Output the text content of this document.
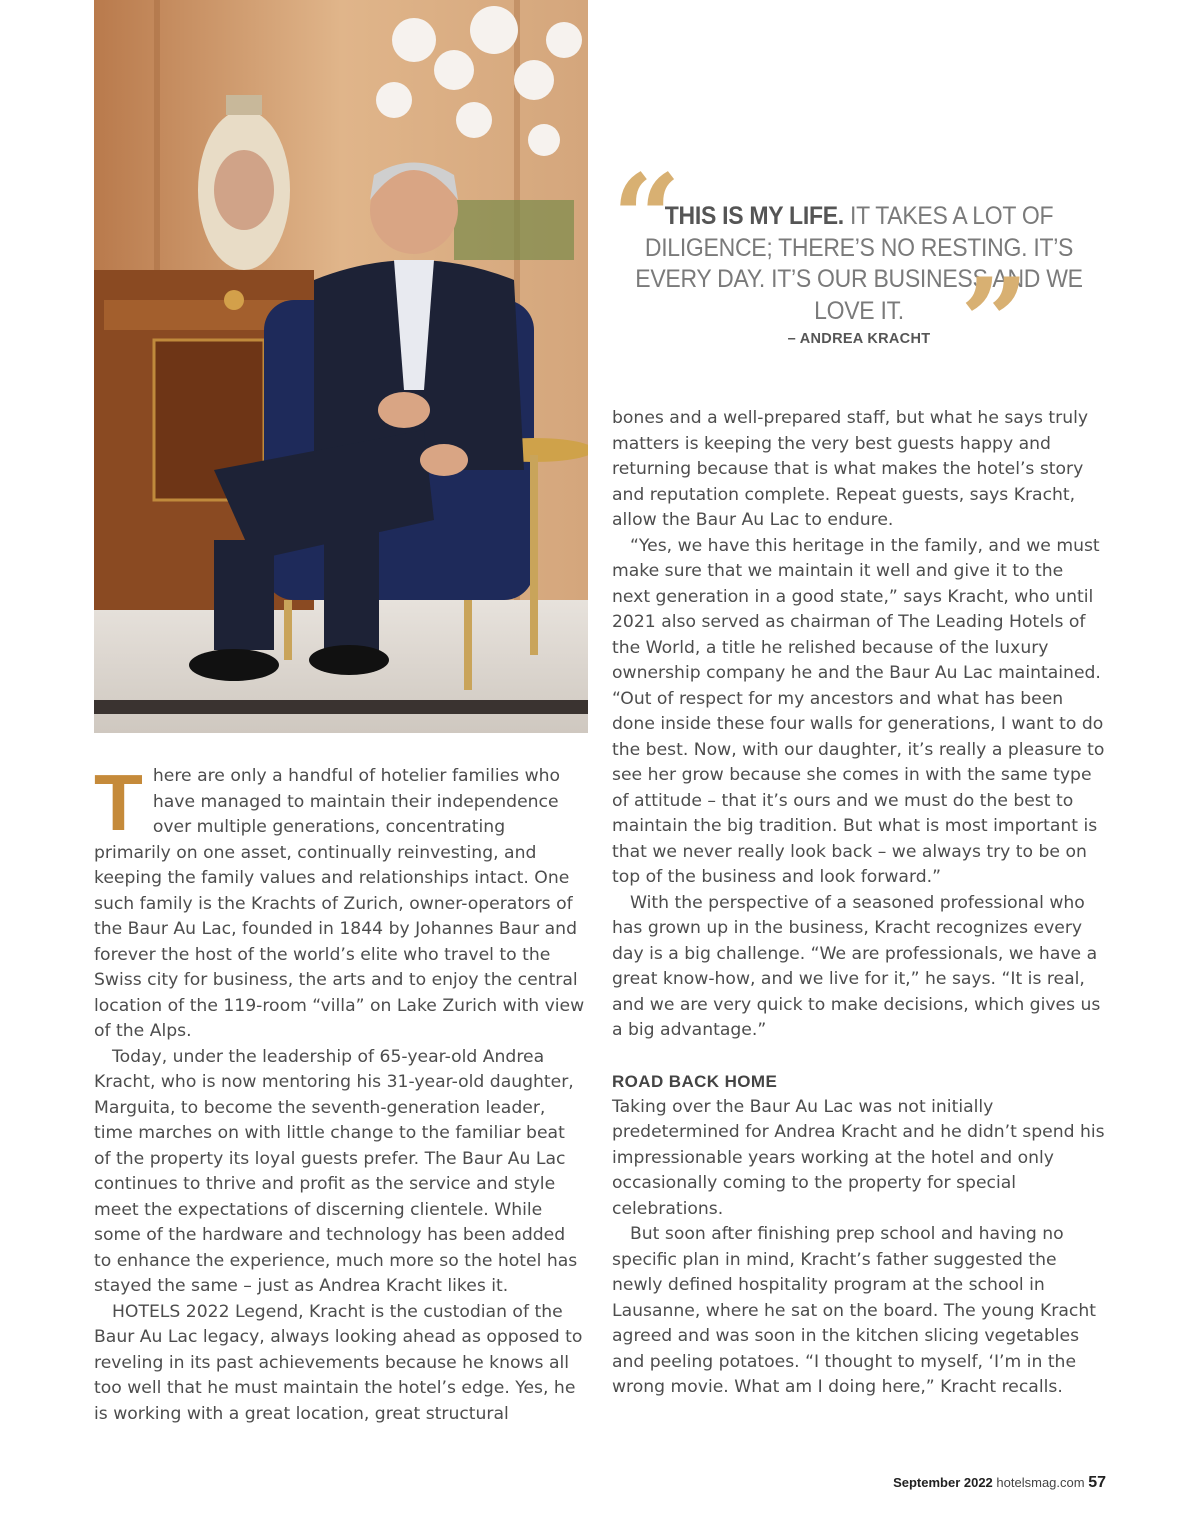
“
THIS IS MY LIFE. IT TAKES A LOT OF DILIGENCE; THERE’S NO RESTING. IT’S EVERY DAY. IT’S OUR BUSINESS AND WE LOVE IT. ”
– ANDREA KRACHT

There are only a handful of hotelier families who have managed to maintain their independence over multiple generations, concentrating primarily on one asset, continually reinvesting, and keeping the family values and relationships intact. One such family is the Krachts of Zurich, owner-operators of the Baur Au Lac, founded in 1844 by Johannes Baur and forever the host of the world’s elite who travel to the Swiss city for business, the arts and to enjoy the central location of the 119-room “villa” on Lake Zurich with view of the Alps.

Today, under the leadership of 65-year-old Andrea Kracht, who is now mentoring his 31-year-old daughter, Marguita, to become the seventh-generation leader, time marches on with little change to the familiar beat of the property its loyal guests prefer. The Baur Au Lac continues to thrive and profit as the service and style meet the expectations of discerning clientele. While some of the hardware and technology has been added to enhance the experience, much more so the hotel has stayed the same – just as Andrea Kracht likes it.

HOTELS 2022 Legend, Kracht is the custodian of the Baur Au Lac legacy, always looking ahead as opposed to reveling in its past achievements because he knows all too well that he must maintain the hotel’s edge. Yes, he is working with a great location, great structural

bones and a well-prepared staff, but what he says truly matters is keeping the very best guests happy and returning because that is what makes the hotel’s story and reputation complete. Repeat guests, says Kracht, allow the Baur Au Lac to endure.

“Yes, we have this heritage in the family, and we must make sure that we maintain it well and give it to the next generation in a good state,” says Kracht, who until 2021 also served as chairman of The Leading Hotels of the World, a title he relished because of the luxury ownership company he and the Baur Au Lac maintained. “Out of respect for my ancestors and what has been done inside these four walls for generations, I want to do the best. Now, with our daughter, it’s really a pleasure to see her grow because she comes in with the same type of attitude – that it’s ours and we must do the best to maintain the big tradition. But what is most important is that we never really look back – we always try to be on top of the business and look forward.”

With the perspective of a seasoned professional who has grown up in the business, Kracht recognizes every day is a big challenge. “We are professionals, we have a great know-how, and we live for it,” he says. “It is real, and we are very quick to make decisions, which gives us a big advantage.”

ROAD BACK HOME

Taking over the Baur Au Lac was not initially predetermined for Andrea Kracht and he didn’t spend his impressionable years working at the hotel and only occasionally coming to the property for special celebrations.

But soon after finishing prep school and having no specific plan in mind, Kracht’s father suggested the newly defined hospitality program at the school in Lausanne, where he sat on the board. The young Kracht agreed and was soon in the kitchen slicing vegetables and peeling potatoes. “I thought to myself, ‘I’m in the wrong movie. What am I doing here,” Kracht recalls.

September 2022 hotelsmag.com 57
